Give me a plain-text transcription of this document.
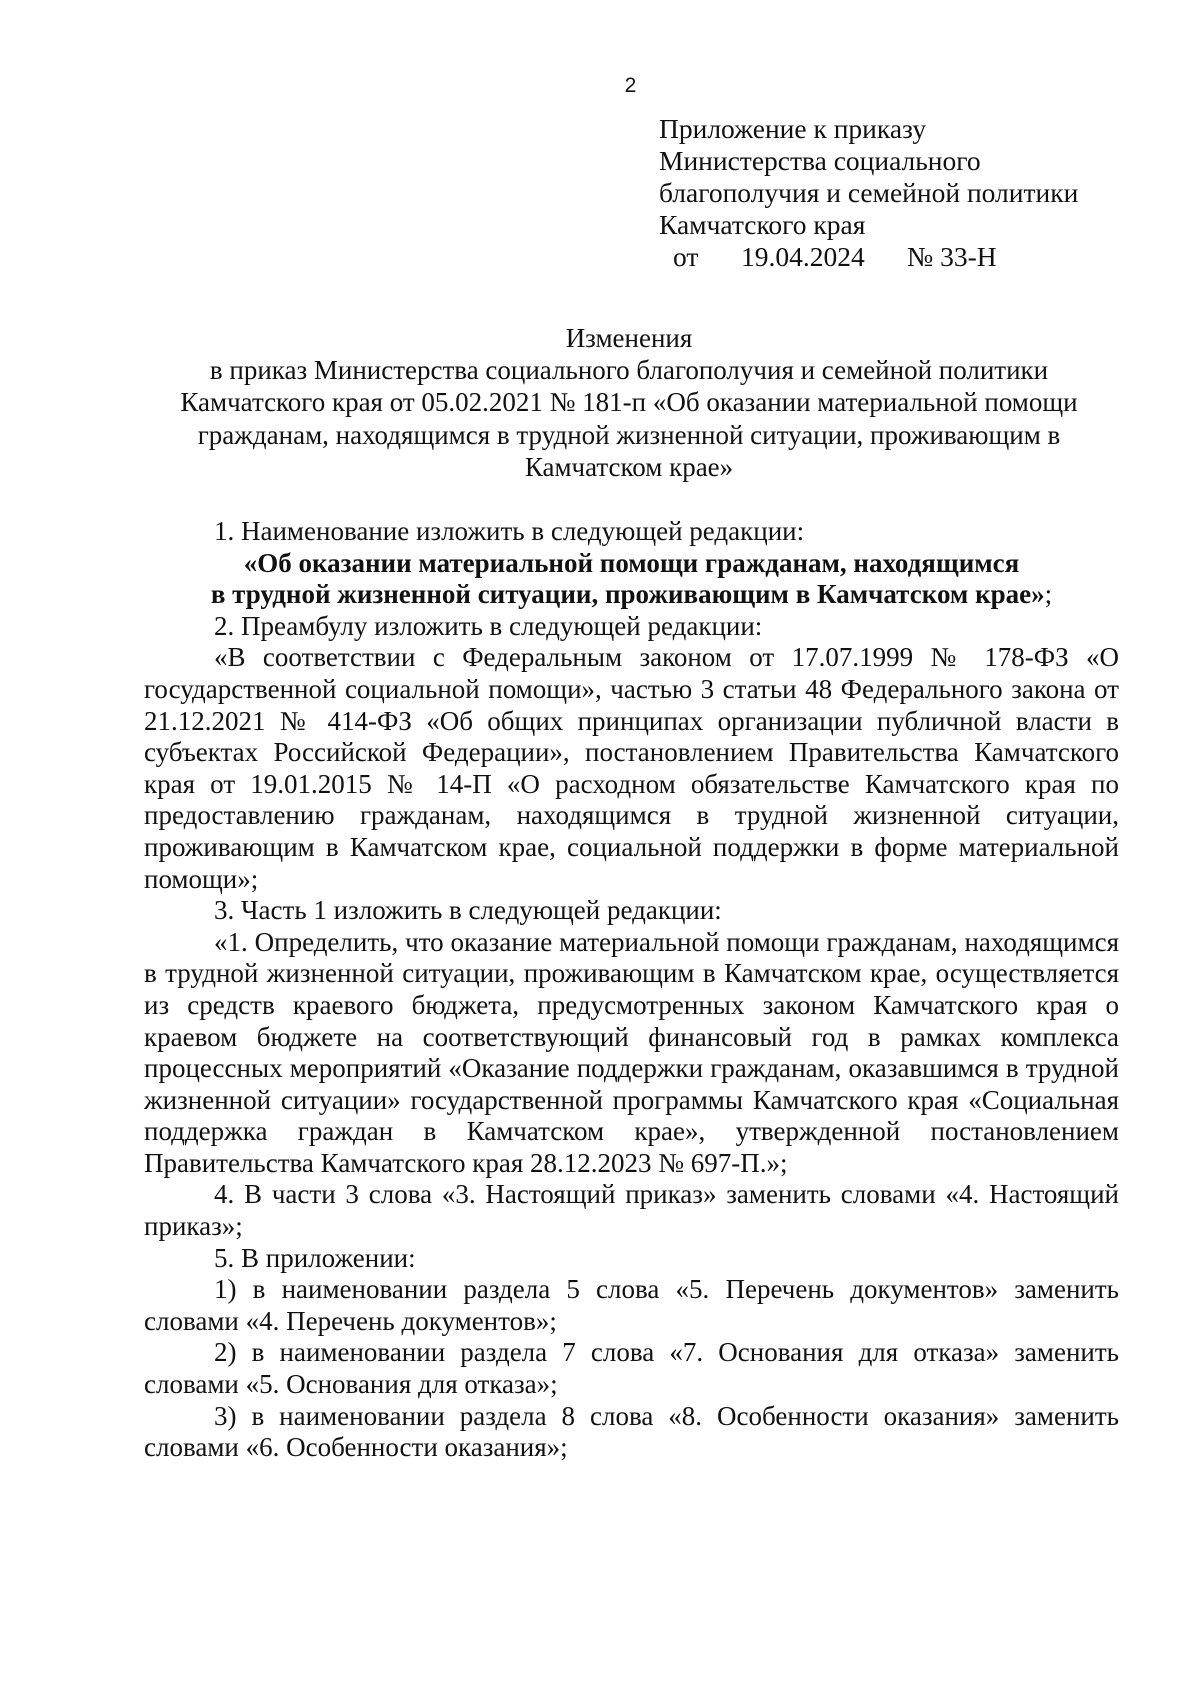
2
Приложение к приказу
Министерства социального
благополучия и семейной политики
Камчатского края
от 19.04.2024 № 33-Н
Изменения
в приказ Министерства социального благополучия и семейной политики
Камчатского края от 05.02.2021 № 181-п «Об оказании материальной помощи
гражданам, находящимся в трудной жизненной ситуации, проживающим в
Камчатском крае»

1. Наименование изложить в следующей редакции:

«Об оказании материальной помощи гражданам, находящимся

в трудной жизненной ситуации, проживающим в Камчатском крае»;

2. Преамбулу изложить в следующей редакции:

«В соответствии с Федеральным законом от 17.07.1999 № 178-ФЗ «О государственной социальной помощи», частью 3 статьи 48 Федерального закона от 21.12.2021 № 414-ФЗ «Об общих принципах организации публичной власти в субъектах Российской Федерации», постановлением Правительства Камчатского края от 19.01.2015 № 14-П «О расходном обязательстве Камчатского края по предоставлению гражданам, находящимся в трудной жизненной ситуации, проживающим в Камчатском крае, социальной поддержки в форме материальной помощи»;

3. Часть 1 изложить в следующей редакции:

«1. Определить, что оказание материальной помощи гражданам, находящимся в трудной жизненной ситуации, проживающим в Камчатском крае, осуществляется из средств краевого бюджета, предусмотренных законом Камчатского края о краевом бюджете на соответствующий финансовый год в рамках комплекса процессных мероприятий «Оказание поддержки гражданам, оказавшимся в трудной жизненной ситуации» государственной программы Камчатского края «Социальная поддержка граждан в Камчатском крае», утвержденной постановлением Правительства Камчатского края 28.12.2023 № 697-П.»;

4. В части 3 слова «3. Настоящий приказ» заменить словами «4. Настоящий приказ»;

5. В приложении:

1) в наименовании раздела 5 слова «5. Перечень документов» заменить словами «4. Перечень документов»;

2) в наименовании раздела 7 слова «7. Основания для отказа» заменить словами «5. Основания для отказа»;

3) в наименовании раздела 8 слова «8. Особенности оказания» заменить словами «6. Особенности оказания»;
